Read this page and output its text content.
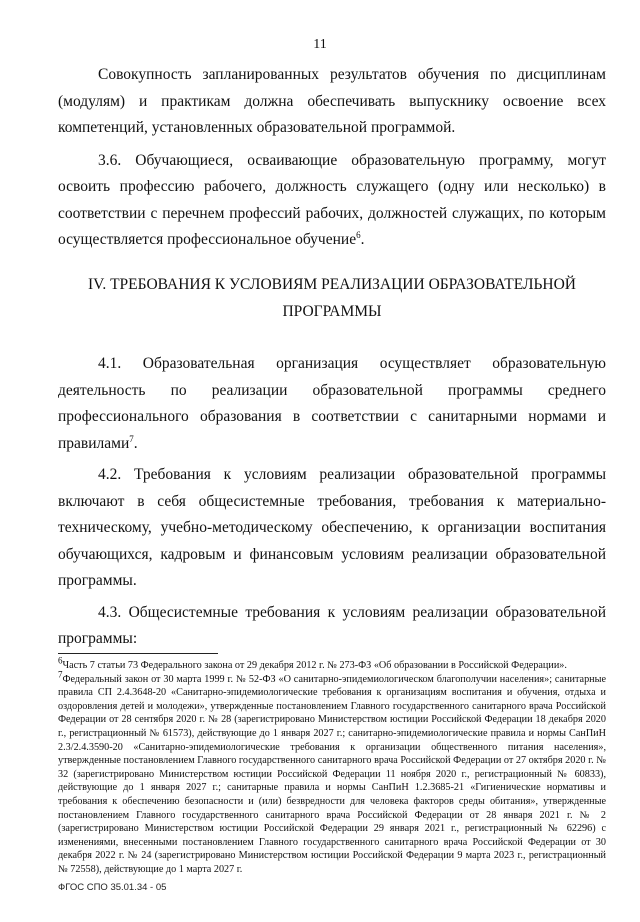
11

Совокупность запланированных результатов обучения по дисциплинам (модулям) и практикам должна обеспечивать выпускнику освоение всех компетенций, установленных образовательной программой.

3.6. Обучающиеся, осваивающие образовательную программу, могут освоить профессию рабочего, должность служащего (одну или несколько) в соответствии с перечнем профессий рабочих, должностей служащих, по которым осуществляется профессиональное обучение$^6$.

IV. ТРЕБОВАНИЯ К УСЛОВИЯМ РЕАЛИЗАЦИИ ОБРАЗОВАТЕЛЬНОЙ
ПРОГРАММЫ

4.1. Образовательная организация осуществляет образовательную деятельность по реализации образовательной программы среднего профессионального образования в соответствии с санитарными нормами и правилами$^7$.

4.2. Требования к условиям реализации образовательной программы включают в себя общесистемные требования, требования к материально-техническому, учебно-методическому обеспечению, к организации воспитания обучающихся, кадровым и финансовым условиям реализации образовательной программы.

4.3. Общесистемные требования к условиям реализации образовательной программы:

$^6$Часть 7 статьи 73 Федерального закона от 29 декабря 2012 г. № 273-ФЗ «Об образовании в Российской Федерации».

$^7$Федеральный закон от 30 марта 1999 г. № 52-ФЗ «О санитарно-эпидемиологическом благополучии населения»; санитарные правила СП 2.4.3648-20 «Санитарно-эпидемиологические требования к организациям воспитания и обучения, отдыха и оздоровления детей и молодежи», утвержденные постановлением Главного государственного санитарного врача Российской Федерации от 28 сентября 2020 г. № 28 (зарегистрировано Министерством юстиции Российской Федерации 18 декабря 2020 г., регистрационный № 61573), действующие до 1 января 2027 г.; санитарно-эпидемиологические правила и нормы СанПиН 2.3/2.4.3590-20 «Санитарно-эпидемиологические требования к организации общественного питания населения», утвержденные постановлением Главного государственного санитарного врача Российской Федерации от 27 октября 2020 г. № 32 (зарегистрировано Министерством юстиции Российской Федерации 11 ноября 2020 г., регистрационный № 60833), действующие до 1 января 2027 г.; санитарные правила и нормы СанПиН 1.2.3685-21 «Гигиенические нормативы и требования к обеспечению безопасности и (или) безвредности для человека факторов среды обитания», утвержденные постановлением Главного государственного санитарного врача Российской Федерации от 28 января 2021 г. № 2 (зарегистрировано Министерством юстиции Российской Федерации 29 января 2021 г., регистрационный № 62296) с изменениями, внесенными постановлением Главного государственного санитарного врача Российской Федерации от 30 декабря 2022 г. № 24 (зарегистрировано Министерством юстиции Российской Федерации 9 марта 2023 г., регистрационный № 72558), действующие до 1 марта 2027 г.

ФГОС СПО 35.01.34 - 05
